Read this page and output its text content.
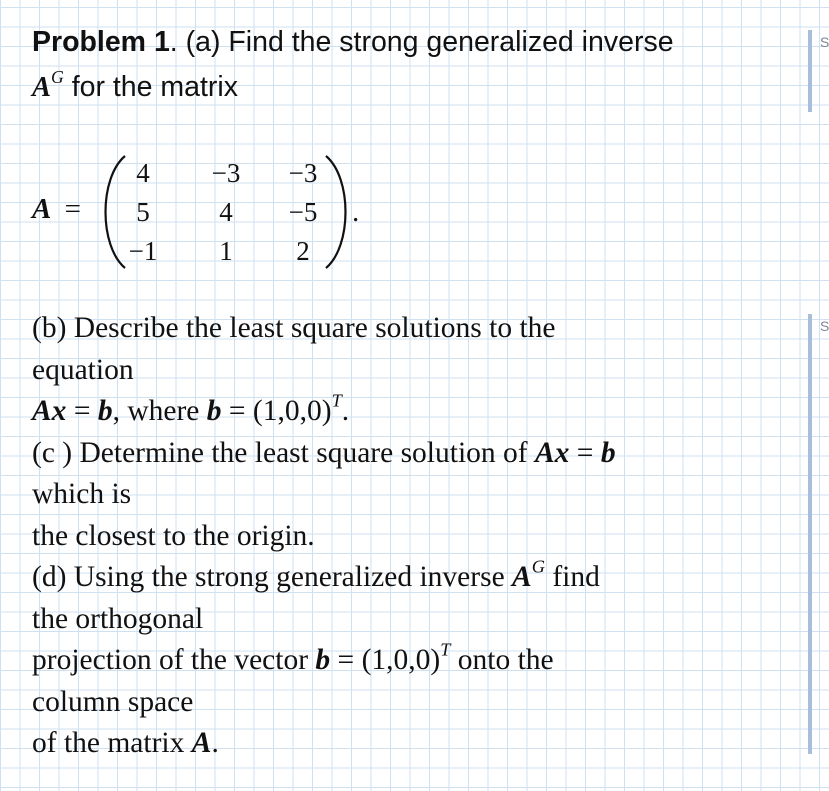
S
S
Problem 1. (a) Find the strong generalized inverse
$A^G$ for the matrix
A =
4	−3	−3
5	4	−5
−1	1	2
.
(b) Describe the least square solutions to the
equation
Ax = b, where $b = (1,0,0)^T$.
(c ) Determine the least square solution of Ax = b
which is
the closest to the origin.
(d) Using the strong generalized inverse $A^G$ find
the orthogonal
projection of the vector $b = (1,0,0)^T$ onto the
column space
of the matrix A.
